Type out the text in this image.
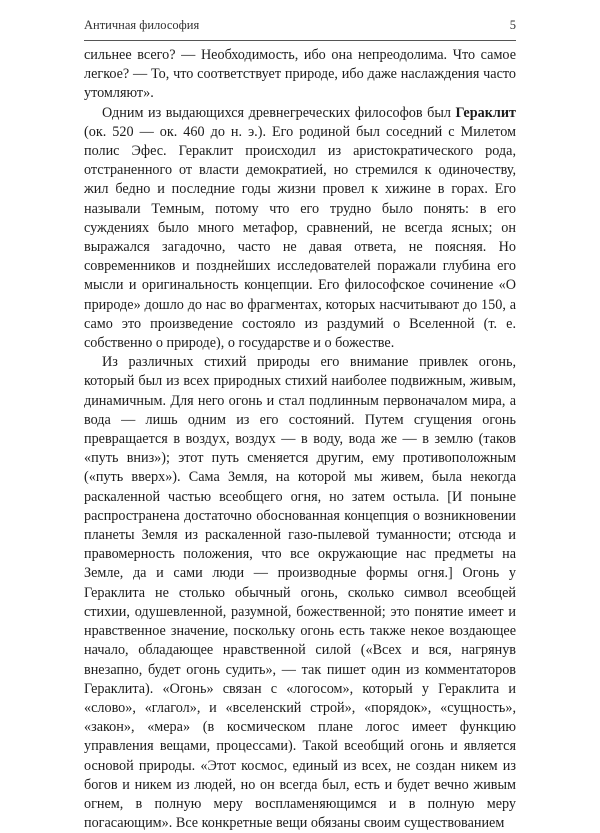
Античная философия	5

сильнее всего? — Необходимость, ибо она непреодолима. Что самое легкое? — То, что соответствует природе, ибо даже наслаждения часто утомляют».

Одним из выдающихся древнегреческих философов был Гераклит (ок. 520 — ок. 460 до н. э.). Его родиной был соседний с Милетом полис Эфес. Гераклит происходил из аристократического рода, отстраненного от власти демократией, но стремился к одиночеству, жил бедно и последние годы жизни провел к хижине в горах. Его называли Темным, потому что его трудно было понять: в его суждениях было много метафор, сравнений, не всегда ясных; он выражался загадочно, часто не давая ответа, не поясняя. Но современников и позднейших исследователей поражали глубина его мысли и оригинальность концепции. Его философское сочинение «О природе» дошло до нас во фрагментах, которых насчитывают до 150, а само это произведение состояло из раздумий о Вселенной (т. е. собственно о природе), о государстве и о божестве.

Из различных стихий природы его внимание привлек огонь, который был из всех природных стихий наиболее подвижным, живым, динамичным. Для него огонь и стал подлинным первоначалом мира, а вода — лишь одним из его состояний. Путем сгущения огонь превращается в воздух, воздух — в воду, вода же — в землю (таков «путь вниз»); этот путь сменяется другим, ему противоположным («путь вверх»). Сама Земля, на которой мы живем, была некогда раскаленной частью всеобщего огня, но затем остыла. [И поныне распространена достаточно обоснованная концепция о возникновении планеты Земля из раскаленной газо-пылевой туманности; отсюда и правомерность положения, что все окружающие нас предметы на Земле, да и сами люди — производные формы огня.] Огонь у Гераклита не столько обычный огонь, сколько символ всеобщей стихии, одушевленной, разумной, божественной; это понятие имеет и нравственное значение, поскольку огонь есть также некое воздающее начало, обладающее нравственной силой («Всех и вся, нагрянув внезапно, будет огонь судить», — так пишет один из комментаторов Гераклита). «Огонь» связан с «логосом», который у Гераклита и «слово», «глагол», и «вселенский строй», «порядок», «сущность», «закон», «мера» (в космическом плане логос имеет функцию управления вещами, процессами). Такой всеобщий огонь и является основой природы. «Этот космос, единый из всех, не создан никем из богов и никем из людей, но он всегда был, есть и будет вечно живым огнем, в полную меру воспламеняющимся и в полную меру погасающим». Все конкретные вещи обязаны своим существованием
